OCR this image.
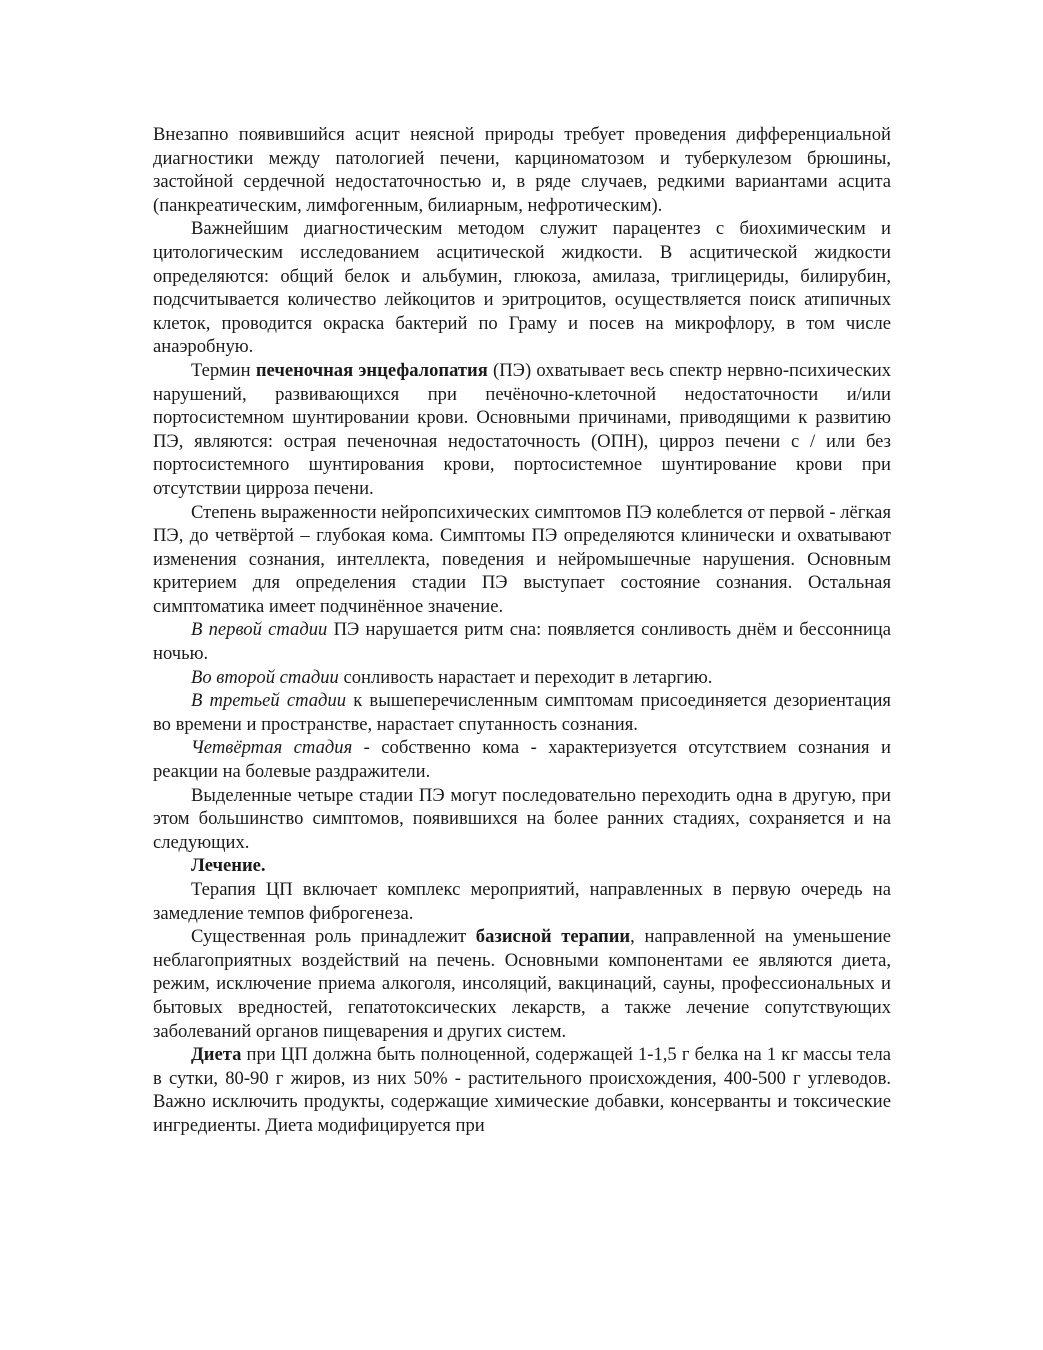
Внезапно появившийся асцит неясной природы требует проведения дифференциальной диагностики между патологией печени, карциноматозом и туберкулезом брюшины, застойной сердечной недостаточностью и, в ряде случаев, редкими вариантами асцита (панкреатическим, лимфогенным, билиарным, нефротическим).

Важнейшим диагностическим методом служит парацентез с биохимическим и цитологическим исследованием асцитической жидкости. В асцитической жидкости определяются: общий белок и альбумин, глюкоза, амилаза, триглицериды, билирубин, подсчитывается количество лейкоцитов и эритроцитов, осуществляется поиск атипичных клеток, проводится окраска бактерий по Граму и посев на микрофлору, в том числе анаэробную.

Термин печеночная энцефалопатия (ПЭ) охватывает весь спектр нервно-психических нарушений, развивающихся при печёночно-клеточной недостаточности и/или портосистемном шунтировании крови. Основными причинами, приводящими к развитию ПЭ, являются: острая печеночная недостаточность (ОПН), цирроз печени с / или без портосистемного шунтирования крови, портосистемное шунтирование крови при отсутствии цирроза печени.

Степень выраженности нейропсихических симптомов ПЭ колеблется от первой - лёгкая ПЭ, до четвёртой – глубокая кома. Симптомы ПЭ определяются клинически и охватывают изменения сознания, интеллекта, поведения и нейромышечные нарушения. Основным критерием для определения стадии ПЭ выступает состояние сознания. Остальная симптоматика имеет подчинённое значение.

В первой стадии ПЭ нарушается ритм сна: появляется сонливость днём и бессонница ночью.

Во второй стадии сонливость нарастает и переходит в летаргию.

В третьей стадии к вышеперечисленным симптомам присоединяется дезориентация во времени и пространстве, нарастает спутанность сознания.

Четвёртая стадия - собственно кома - характеризуется отсутствием сознания и реакции на болевые раздражители.

Выделенные четыре стадии ПЭ могут последовательно переходить одна в другую, при этом большинство симптомов, появившихся на более ранних стадиях, сохраняется и на следующих.

Лечение.

Терапия ЦП включает комплекс мероприятий, направленных в первую очередь на замедление темпов фиброгенеза.

Существенная роль принадлежит базисной терапии, направленной на уменьшение неблагоприятных воздействий на печень. Основными компонентами ее являются диета, режим, исключение приема алкоголя, инсоляций, вакцинаций, сауны, профессиональных и бытовых вредностей, гепатотоксических лекарств, а также лечение сопутствующих заболеваний органов пищеварения и других систем.

Диета при ЦП должна быть полноценной, содержащей 1-1,5 г белка на 1 кг массы тела в сутки, 80-90 г жиров, из них 50% - растительного происхождения, 400-500 г углеводов. Важно исключить продукты, содержащие химические добавки, консерванты и токсические ингредиенты. Диета модифицируется при
